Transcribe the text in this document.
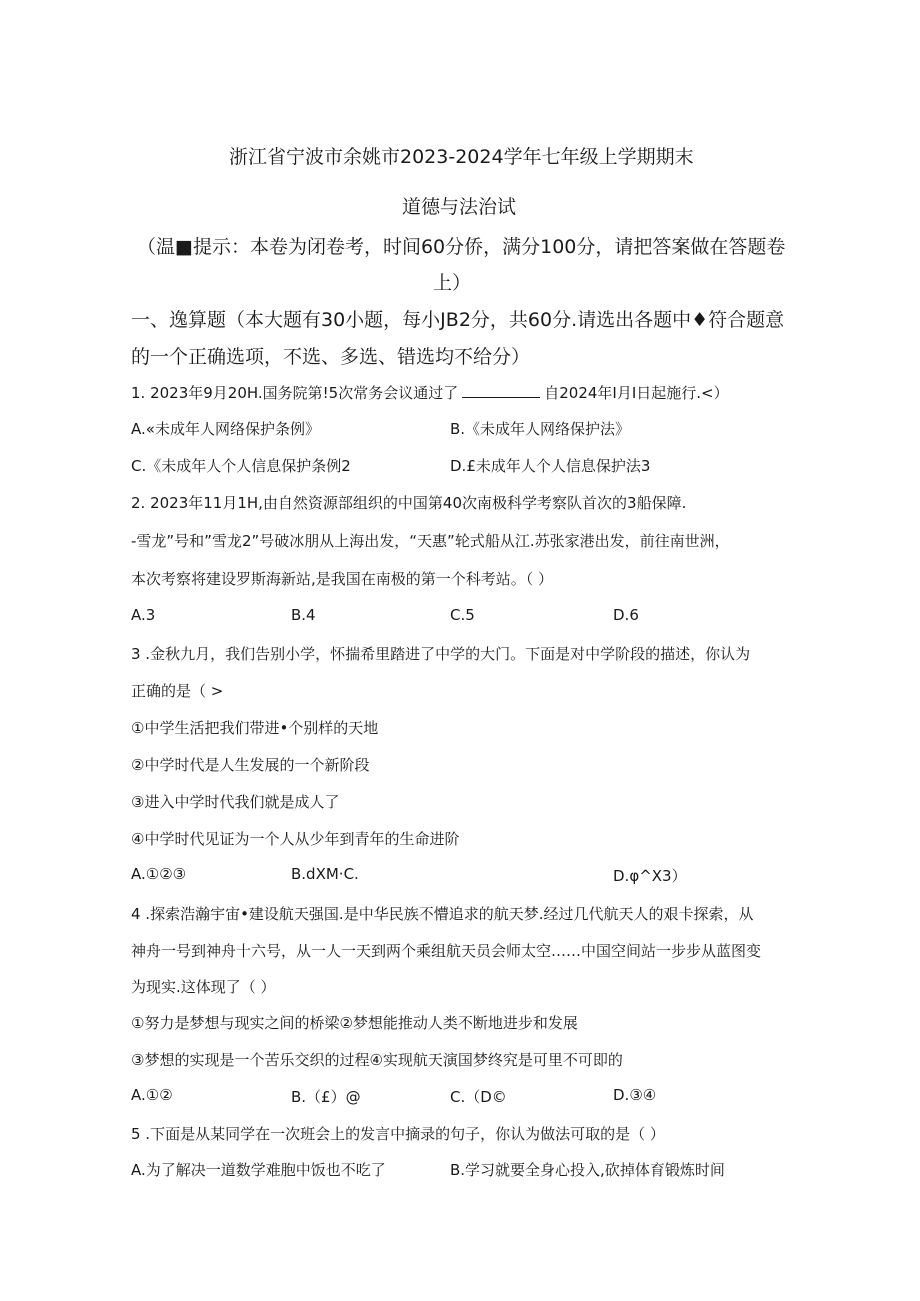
浙江省宁波市余姚市2023-2024学年七年级上学期期末
道德与法治试
（温■提示：本卷为闭卷考，时间60分侨，满分100分，请把答案做在答题卷
上）
一、逸算题（本大题有30小题，每小JB2分，共60分.请选出各题中♦符合题意
的一个正确选项，不选、多选、错选均不给分）
1. 2023年9月20H.国务院第!5次常务会议通过了	自2024年I月I日起施行.<）
A.«未成年人网络保护条例》	B.《未成年人网络保护法》
C.《未成年人个人信息保护条例2	D.£未成年人个人信息保护法3
2. 2023年11月1H,由自然资源部组织的中国第40次南极科学考察队首次的3船保障.
-雪龙”号和”雪龙2”号破冰朋从上海出发，“天惠”轮式船从江.苏张家港出发，前往南世洲，
本次考察将建设罗斯海新站,是我国在南极的第一个科考站。（ ）
A.3	B.4	C.5	D.6
3 .金秋九月，我们告别小学，怀揣希里踏进了中学的大门。下面是对中学阶段的描述，你认为
正确的是（ >
①中学生活把我们带进•个别样的天地
②中学时代是人生发展的一个新阶段
③进入中学时代我们就是成人了
④中学时代见证为一个人从少年到青年的生命进阶
A.①②③	B.dXM·C.	D.φ^X3）
4 .探索浩瀚宇宙•建设航天强国.是中华民族不懵追求的航天梦.经过几代航天人的艰卡探索，从
神舟一号到神舟十六号，从一人一天到两个乘组航天员会师太空……中国空间站一步步从蓝图变
为现实.这体现了（ ）
①努力是梦想与现实之间的桥梁②梦想能推动人类不断地进步和发展
③梦想的实现是一个苦乐交织的过程④实现航天演国梦终究是可里不可即的
A.①②	B.（£）@	C.（D©	D.③④
5 .下面是从某同学在一次班会上的发言中摘录的句子，你认为做法可取的是（ ）
A.为了解决一道数学难胞中饭也不吃了	B.学习就要全身心投入,砍掉体育锻炼时间
